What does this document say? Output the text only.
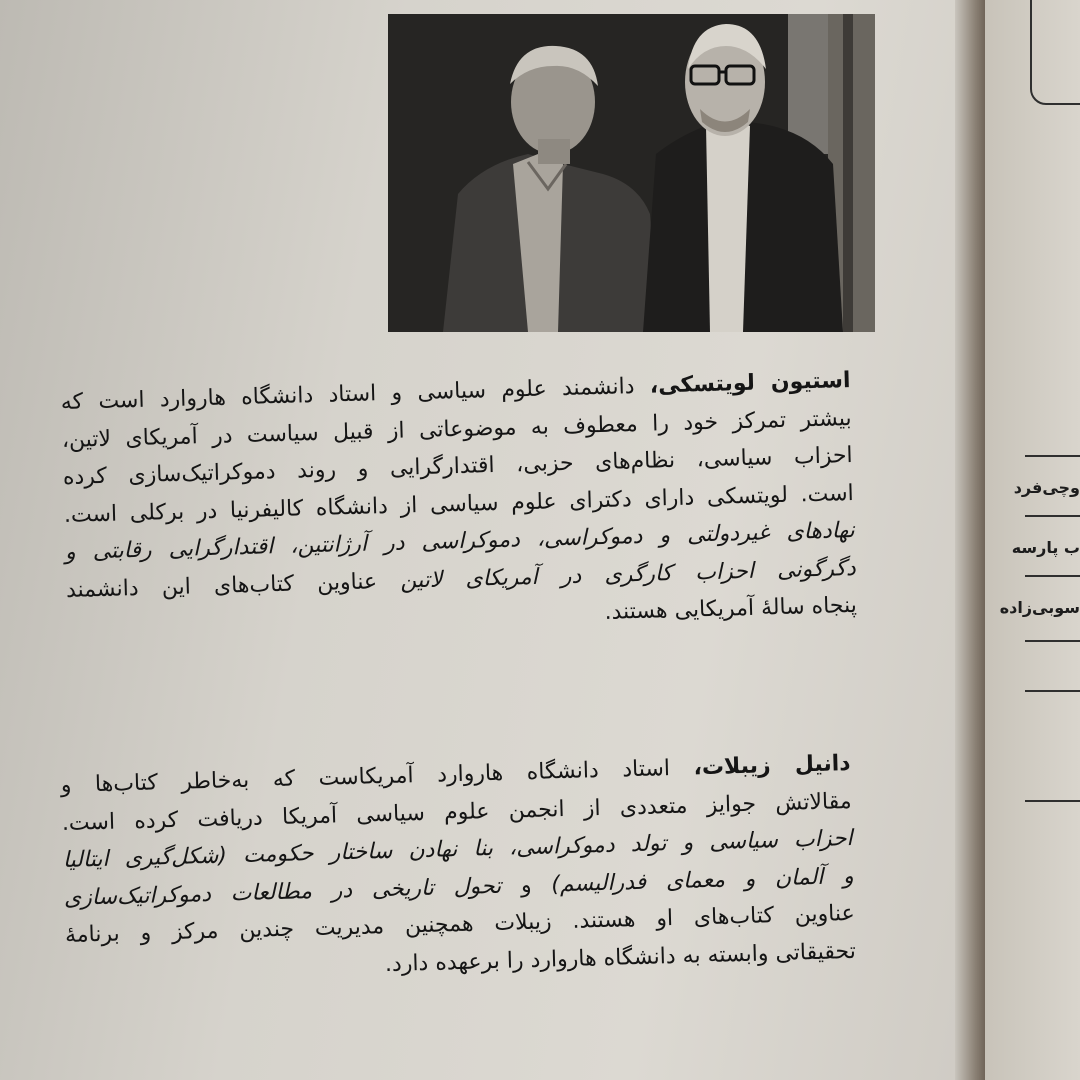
استیون لویتسکی، دانشمند علوم سیاسی و استاد دانشگاه هاروارد است که
بیشتر تمرکز خود را معطوف به موضوعاتی از قبیل سیاست در آمریکای لاتین،
احزاب سیاسی، نظام‌های حزبی، اقتدارگرایی و روند دموکراتیک‌سازی کرده
است. لویتسکی دارای دکترای علوم سیاسی از دانشگاه کالیفرنیا در برکلی است.
نهادهای غیردولتی و دموکراسی، دموکراسی در آرژانتین، اقتدارگرایی رقابتی و
دگرگونی احزاب کارگری در آمریکای لاتین عناوین کتاب‌های این دانشمند
پنجاه سالهٔ آمریکایی هستند.
دانیل زیبلات، استاد دانشگاه هاروارد آمریکاست که به‌خاطر کتاب‌ها و
مقالاتش جوایز متعددی از انجمن علوم سیاسی آمریکا دریافت کرده است.
احزاب سیاسی و تولد دموکراسی، بنا نهادن ساختار حکومت (شکل‌گیری ایتالیا
و آلمان و معمای فدرالیسم) و تحول تاریخی در مطالعات دموکراتیک‌سازی
عناوین کتاب‌های او هستند. زیبلات همچنین مدیریت چندین مرکز و برنامهٔ
تحقیقاتی وابسته به دانشگاه هاروارد را برعهده دارد.
وچی‌فرد
ب پارسه
سوبی‌زاده
